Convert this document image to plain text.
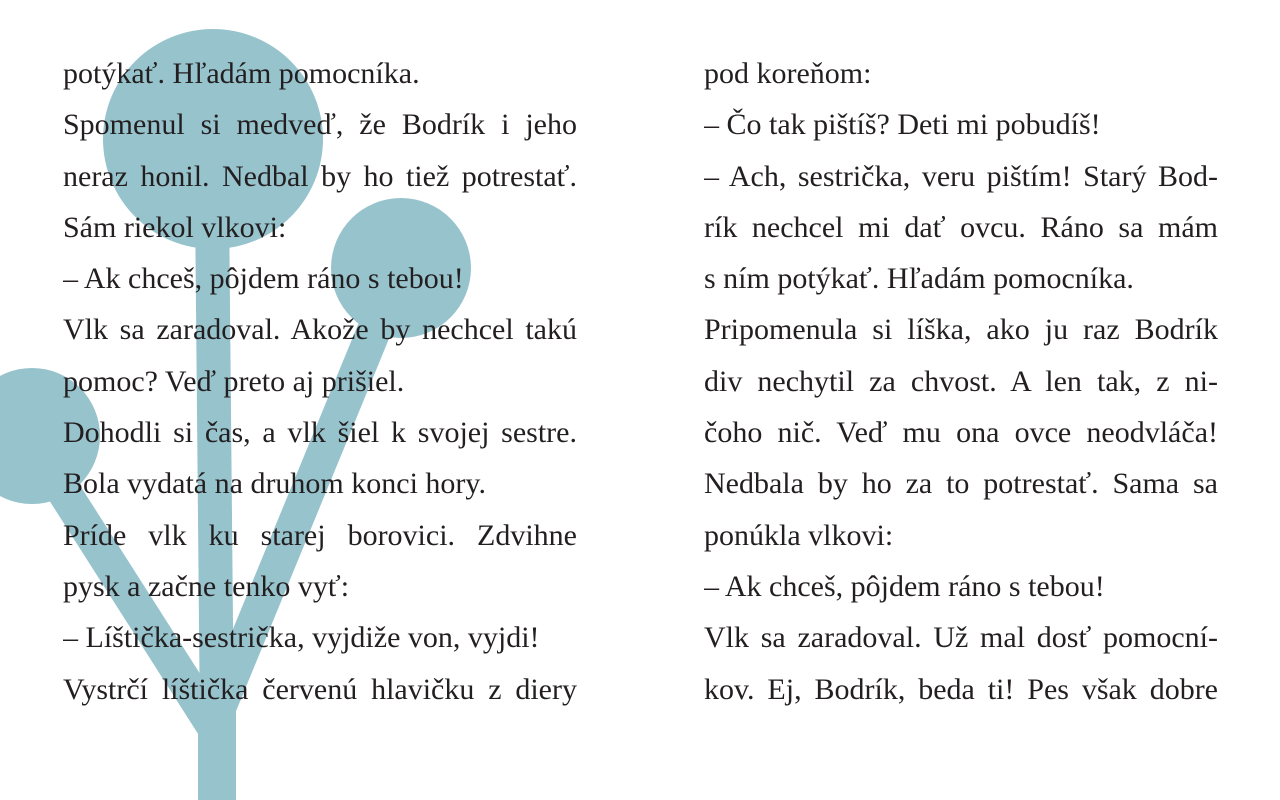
potýkať. Hľadám pomocníka.
Spomenul si medveď, že Bodrík i jeho
neraz honil. Nedbal by ho tiež potrestať.
Sám riekol vlkovi:
– Ak chceš, pôjdem ráno s tebou!
Vlk sa zaradoval. Akože by nechcel takú
pomoc? Veď preto aj prišiel.
Dohodli si čas, a vlk šiel k svojej sestre.
Bola vydatá na druhom konci hory.
Príde vlk ku starej borovici. Zdvihne
pysk a začne tenko vyť:
– Líštička-sestrička, vyjdiže von, vyjdi!
Vystrčí líštička červenú hlavičku z diery
pod koreňom:
– Čo tak pištíš? Deti mi pobudíš!
– Ach, sestrička, veru pištím! Starý Bod-
rík nechcel mi dať ovcu. Ráno sa mám
s ním potýkať. Hľadám pomocníka.
Pripomenula si líška, ako ju raz Bodrík
div nechytil za chvost. A len tak, z ni-
čoho nič. Veď mu ona ovce neodvláča!
Nedbala by ho za to potrestať. Sama sa
ponúkla vlkovi:
– Ak chceš, pôjdem ráno s tebou!
Vlk sa zaradoval. Už mal dosť pomocní-
kov. Ej, Bodrík, beda ti! Pes však dobre
